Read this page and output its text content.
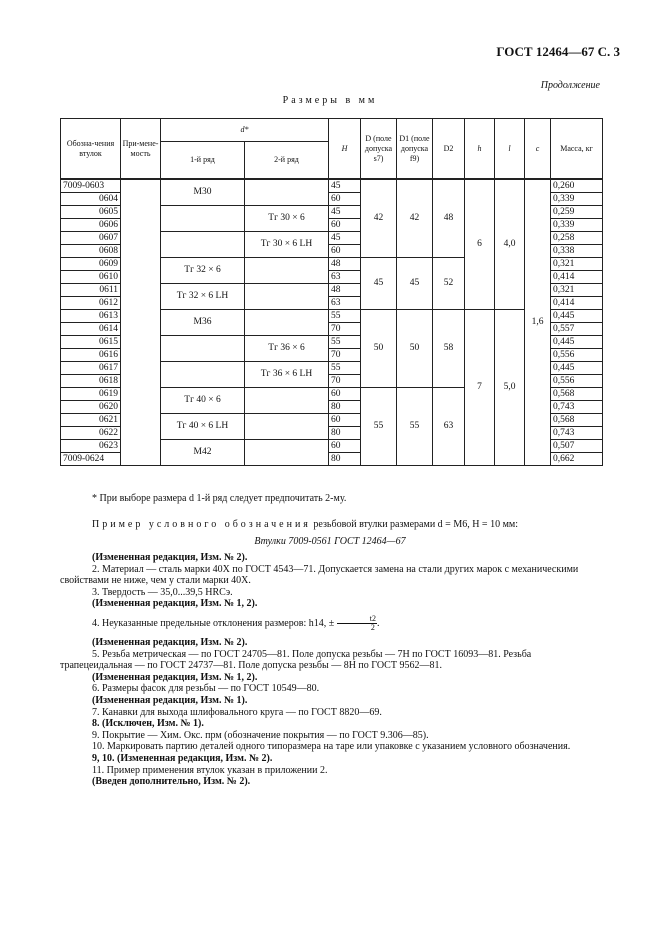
ГОСТ 12464—67 С. 3
Продолжение
Размеры в мм
Обозна-чения втулок	При-мене-мость	d*		H	D (поле допуска s7)	D1 (поле допуска f9)	D2	h	l	c	Масса, кг
		1-й ряд	2-й ряд								
7009-0603		M30		45	42	42	48	6	4,0	1,6	0,260
0604				60							0,339
0605			Тг 30 × 6	45							0,259
0606				60							0,339
0607			Тг 30 × 6 LH	45							0,258
0608				60							0,338
0609		Тг 32 × 6		48	45	45	52				0,321
0610				63							0,414
0611		Тг 32 × 6 LH		48							0,321
0612				63							0,414
0613		M36		55	50	50	58	7	5,0		0,445
0614				70							0,557
0615			Тг 36 × 6	55							0,445
0616				70							0,556
0617			Тг 36 × 6 LH	55							0,445
0618				70							0,556
0619		Тг 40 × 6		60	55	55	63				0,568
0620				80							0,743
0621		Тг 40 × 6 LH		60							0,568
0622				80							0,743
0623		M42		60							0,507
7009-0624				80							0,662
* При выборе размера d 1-й ряд следует предпочитать 2-му.
Пример условного обозначения резьбовой втулки размерами d = M6, H = 10 мм:
Втулки 7009-0561 ГОСТ 12464—67

(Измененная редакция, Изм. № 2).

2. Материал — сталь марки 40Х по ГОСТ 4543—71. Допускается замена на стали других марок с механическими свойствами не ниже, чем у стали марки 40Х.

3. Твердость — 35,0...39,5 HRCэ.

(Измененная редакция, Изм. № 1, 2).

4. Неуказанные предельные отклонения размеров: h14, ± $\frac{t2}{2}$ .

(Измененная редакция, Изм. № 2).

5. Резьба метрическая — по ГОСТ 24705—81. Поле допуска резьбы — 7Н по ГОСТ 16093—81. Резьба трапецеидальная — по ГОСТ 24737—81. Поле допуска резьбы — 8Н по ГОСТ 9562—81.

(Измененная редакция, Изм. № 1, 2).

6. Размеры фасок для резьбы — по ГОСТ 10549—80.

(Измененная редакция, Изм. № 1).

7. Канавки для выхода шлифовального круга — по ГОСТ 8820—69.

8. (Исключен, Изм. № 1).

9. Покрытие — Хим. Окс. прм (обозначение покрытия — по ГОСТ 9.306—85).

10. Маркировать партию деталей одного типоразмера на таре или упаковке с указанием условного обозначения.

9, 10. (Измененная редакция, Изм. № 2).

11. Пример применения втулок указан в приложении 2.

(Введен дополнительно, Изм. № 2).
